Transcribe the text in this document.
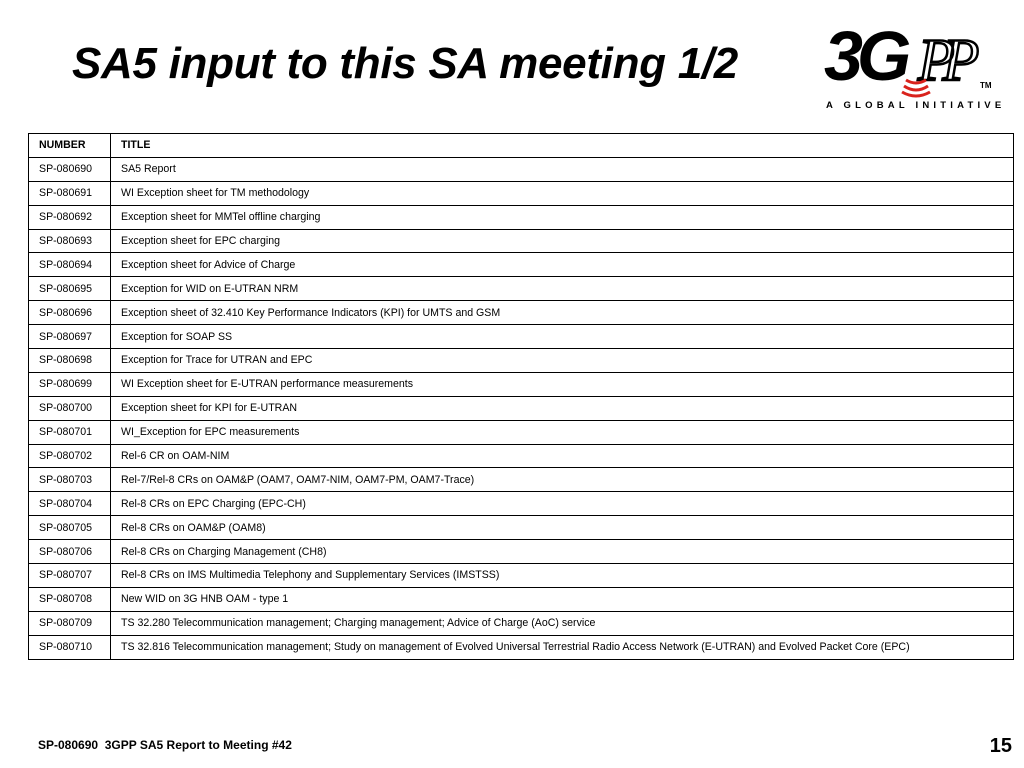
SA5 input to this SA meeting 1/2 3G PP	TM
A GLOBAL INITIATIVE
NUMBER	TITLE
SP-080690	SA5 Report
SP-080691	WI Exception sheet for TM methodology
SP-080692	Exception sheet for MMTel offline charging
SP-080693	Exception sheet for EPC charging
SP-080694	Exception sheet for Advice of Charge
SP-080695	Exception for WID on E-UTRAN NRM
SP-080696	Exception sheet of 32.410 Key Performance Indicators (KPI) for UMTS and GSM
SP-080697	Exception for SOAP SS
SP-080698	Exception for Trace for UTRAN and EPC
SP-080699	WI Exception sheet for E-UTRAN performance measurements
SP-080700	Exception sheet for KPI for E-UTRAN
SP-080701	WI_Exception for EPC measurements
SP-080702	Rel-6 CR on OAM-NIM
SP-080703	Rel-7/Rel-8 CRs on OAM&P (OAM7, OAM7-NIM, OAM7-PM, OAM7-Trace)
SP-080704	Rel-8 CRs on EPC Charging (EPC-CH)
SP-080705	Rel-8 CRs on OAM&P (OAM8)
SP-080706	Rel-8 CRs on Charging Management (CH8)
SP-080707	Rel-8 CRs on IMS Multimedia Telephony and Supplementary Services (IMSTSS)
SP-080708	New WID on 3G HNB OAM - type 1
SP-080709	TS 32.280 Telecommunication management; Charging management; Advice of Charge (AoC) service
SP-080710	TS 32.816 Telecommunication management; Study on management of Evolved Universal Terrestrial Radio Access Network (E-UTRAN) and Evolved Packet Core (EPC)
SP-080690  3GPP SA5 Report to Meeting #42	15
